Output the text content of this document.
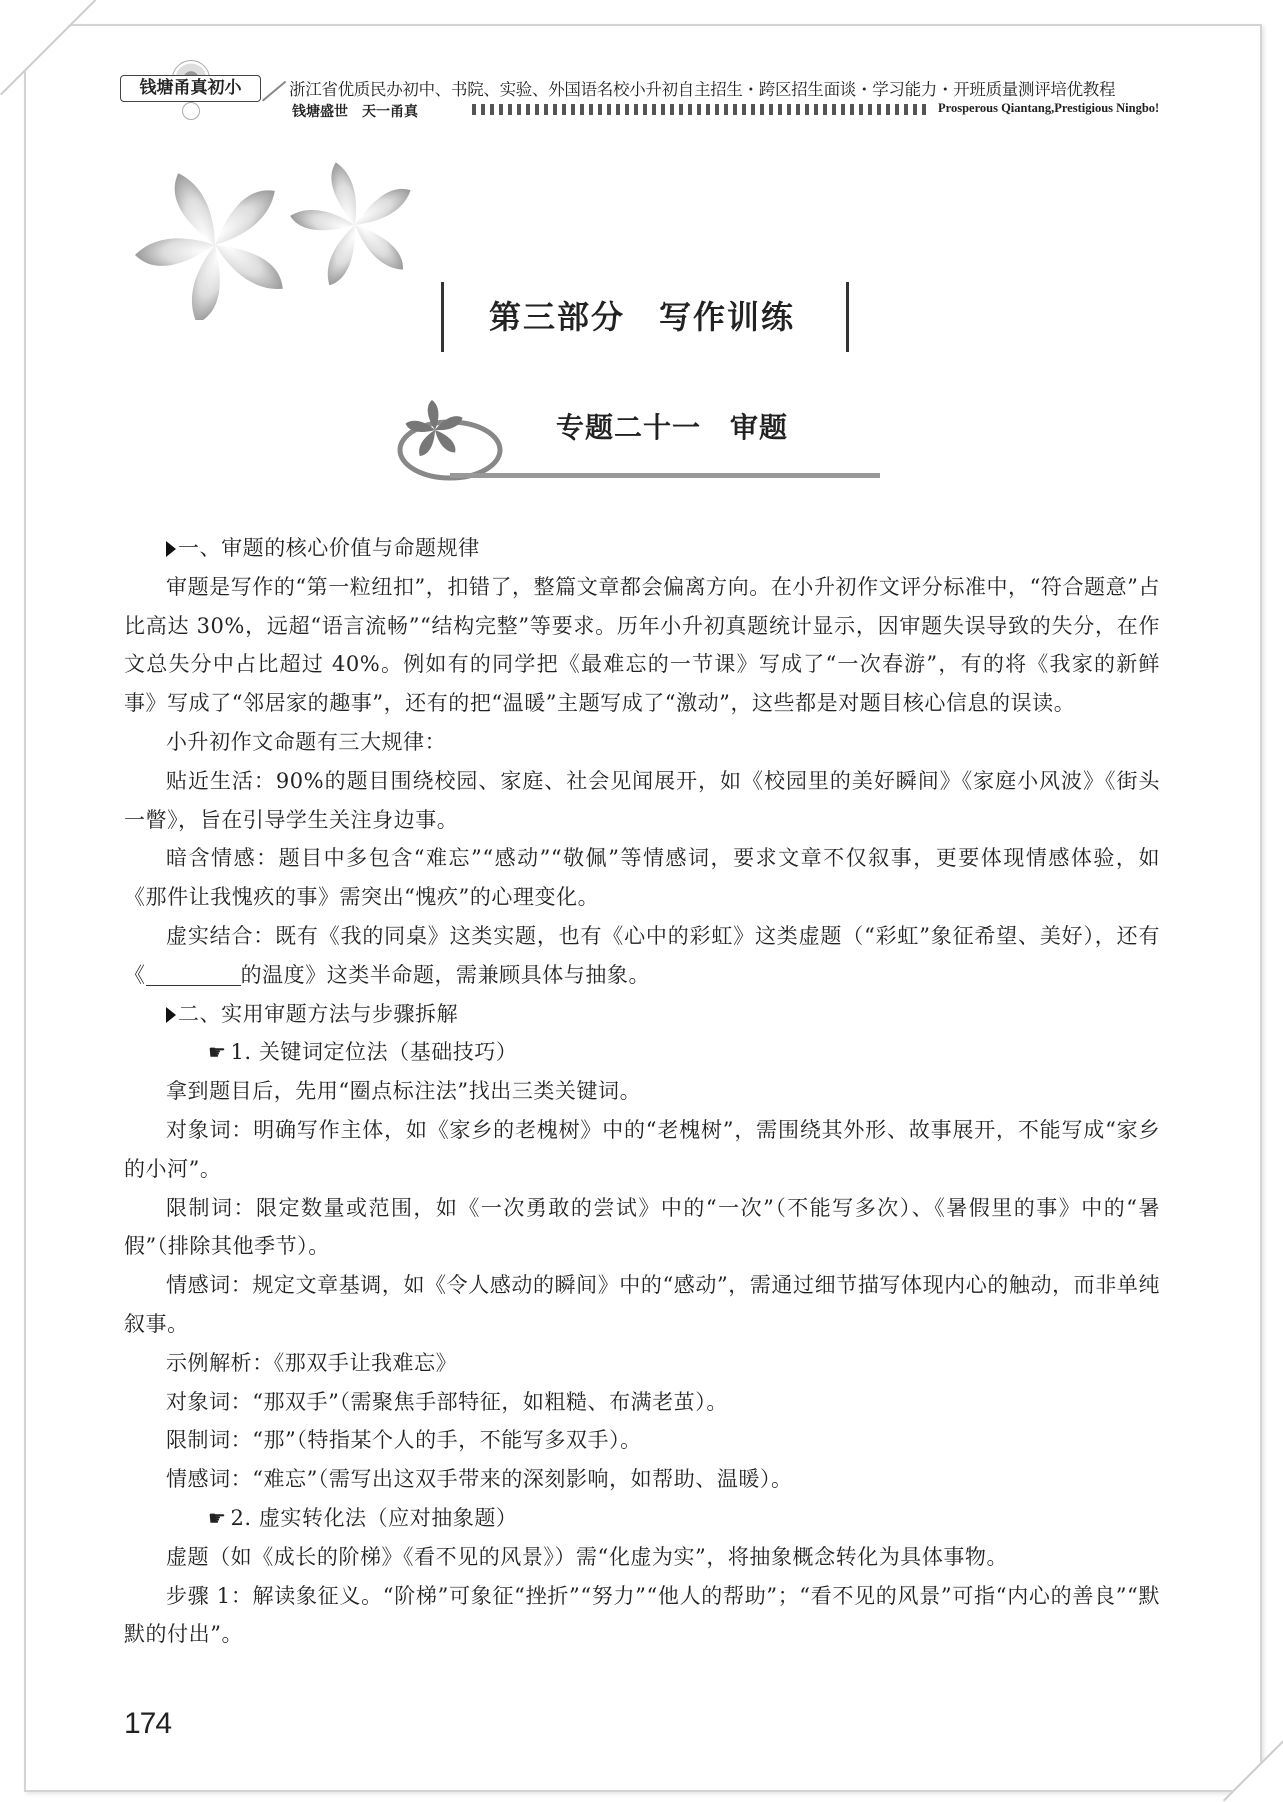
钱塘甬真初小	浙江省优质民办初中、书院、实验、外国语名校小升初自主招生・跨区招生面谈・学习能力・开班质量测评培优教程
钱塘盛世　天一甬真	Prosperous Qiantang,Prestigious Ningbo!
第三部分　写作训练
专题二十一　审题

一、审题的核心价值与命题规律

审题是写作的“第一粒纽扣”，扣错了，整篇文章都会偏离方向。在小升初作文评分标准中，“符合题意”占比高达 30%，远超“语言流畅”“结构完整”等要求。历年小升初真题统计显示，因审题失误导致的失分，在作文总失分中占比超过 40%。例如有的同学把《最难忘的一节课》写成了“一次春游”，有的将《我家的新鲜事》写成了“邻居家的趣事”，还有的把“温暖”主题写成了“激动”，这些都是对题目核心信息的误读。

小升初作文命题有三大规律：

贴近生活：90%的题目围绕校园、家庭、社会见闻展开，如《校园里的美好瞬间》《家庭小风波》《街头一瞥》，旨在引导学生关注身边事。

暗含情感：题目中多包含“难忘”“感动”“敬佩”等情感词，要求文章不仅叙事，更要体现情感体验，如《那件让我愧疚的事》需突出“愧疚”的心理变化。

虚实结合：既有《我的同桌》这类实题，也有《心中的彩虹》这类虚题（“彩虹”象征希望、美好），还有《	的温度》这类半命题，需兼顾具体与抽象。

二、实用审题方法与步骤拆解

☛ 1. 关键词定位法（基础技巧）

拿到题目后，先用“圈点标注法”找出三类关键词。

对象词：明确写作主体，如《家乡的老槐树》中的“老槐树”，需围绕其外形、故事展开，不能写成“家乡的小河”。

限制词：限定数量或范围，如《一次勇敢的尝试》中的“一次”（不能写多次）、《暑假里的事》中的“暑假”（排除其他季节）。

情感词：规定文章基调，如《令人感动的瞬间》中的“感动”，需通过细节描写体现内心的触动，而非单纯叙事。

示例解析：《那双手让我难忘》

对象词：“那双手”（需聚焦手部特征，如粗糙、布满老茧）。

限制词：“那”（特指某个人的手，不能写多双手）。

情感词：“难忘”（需写出这双手带来的深刻影响，如帮助、温暖）。

☛ 2. 虚实转化法（应对抽象题）

虚题（如《成长的阶梯》《看不见的风景》）需“化虚为实”，将抽象概念转化为具体事物。

步骤 1：解读象征义。“阶梯”可象征“挫折”“努力”“他人的帮助”；“看不见的风景”可指“内心的善良”“默默的付出”。

174
